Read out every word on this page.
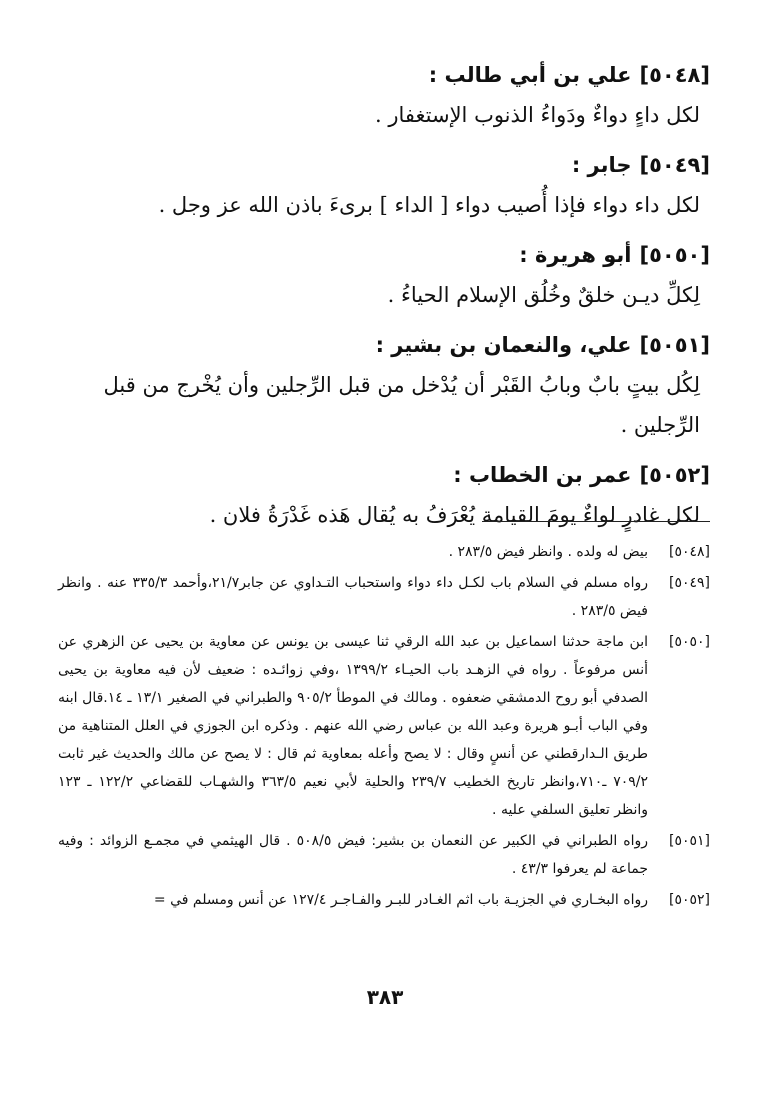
[٥٠٤٨]علي بن أبي طالب :
لكل داءٍ دواءٌ ودَواءُ الذنوب الإستغفار .
[٥٠٤٩]جابر :
لكل داء دواء فإذا أُصيب دواء [ الداء ] برىءَ باذن الله عز وجل .
[٥٠٥٠]أبو هريرة :
لِكلِّ ديـن خلقٌ وخُلُق الإسلام الحياءُ .
[٥٠٥١]علي، والنعمان بن بشير :
لِكُل بيتٍ بابٌ وبابُ القَبْر أن يُدْخل من قبل الرِّجلين وأن يُخْرج من قبل الرِّجلين .
[٥٠٥٢]عمر بن الخطاب :
لكل غادرٍ لواءٌ يومَ القيامة يُعْرَفُ به يُقال هَذه غَدْرَةُ فلان .
[٥٠٤٨]
بيض له ولده . وانظر فيض ٢٨٣/٥ .
[٥٠٤٩]
رواه مسلم في السلام باب لكـل داء دواء واستحباب التـداوي عن جابر٢١/٧،وأحمد ٣٣٥/٣ عنه . وانظر فيض ٢٨٣/٥ .
[٥٠٥٠]
ابن ماجة حدثنا اسماعيل بن عبد الله الرقي ثنا عيسى بن يونس عن معاوية بن يحيى عن الزهري عن أنس مرفوعاً . رواه في الزهـد باب الحيـاء ١٣٩٩/٢ ،وفي زوائـده : ضعيف لأن فيه معاوية بن يحيى الصدفي أبو روح الدمشقي ضعفوه . ومالك في الموطأ ٩٠٥/٢ والطبراني في الصغير ١٣/١ ـ ١٤.قال ابنه وفي الباب أبـو هريرة وعبد الله بن عباس رضي الله عنهم . وذكره ابن الجوزي في العلل المتناهية من طريق الـدارقطني عن أنسٍ وقال : لا يصح وأعله بمعاوية ثم قال : لا يصح عن مالك والحديث غير ثابت ٧٠٩/٢ ـ٧١٠،وانظر تاريخ الخطيب ٢٣٩/٧ والحلية لأبي نعيم ٣٦٣/٥ والشهـاب للقضاعي ١٢٢/٢ ـ ١٢٣ وانظر تعليق السلفي عليه .
[٥٠٥١]
رواه الطبراني في الكبير عن النعمان بن بشير: فيض ٥٠٨/٥ . قال الهيثمي في مجمـع الزوائد : وفيه جماعة لم يعرفوا ٤٣/٣ .
[٥٠٥٢]
رواه البخـاري في الجزيـة باب اثم الغـادر للبـر والفـاجـر ١٢٧/٤ عن أنس ومسلم في =
٣٨٣
